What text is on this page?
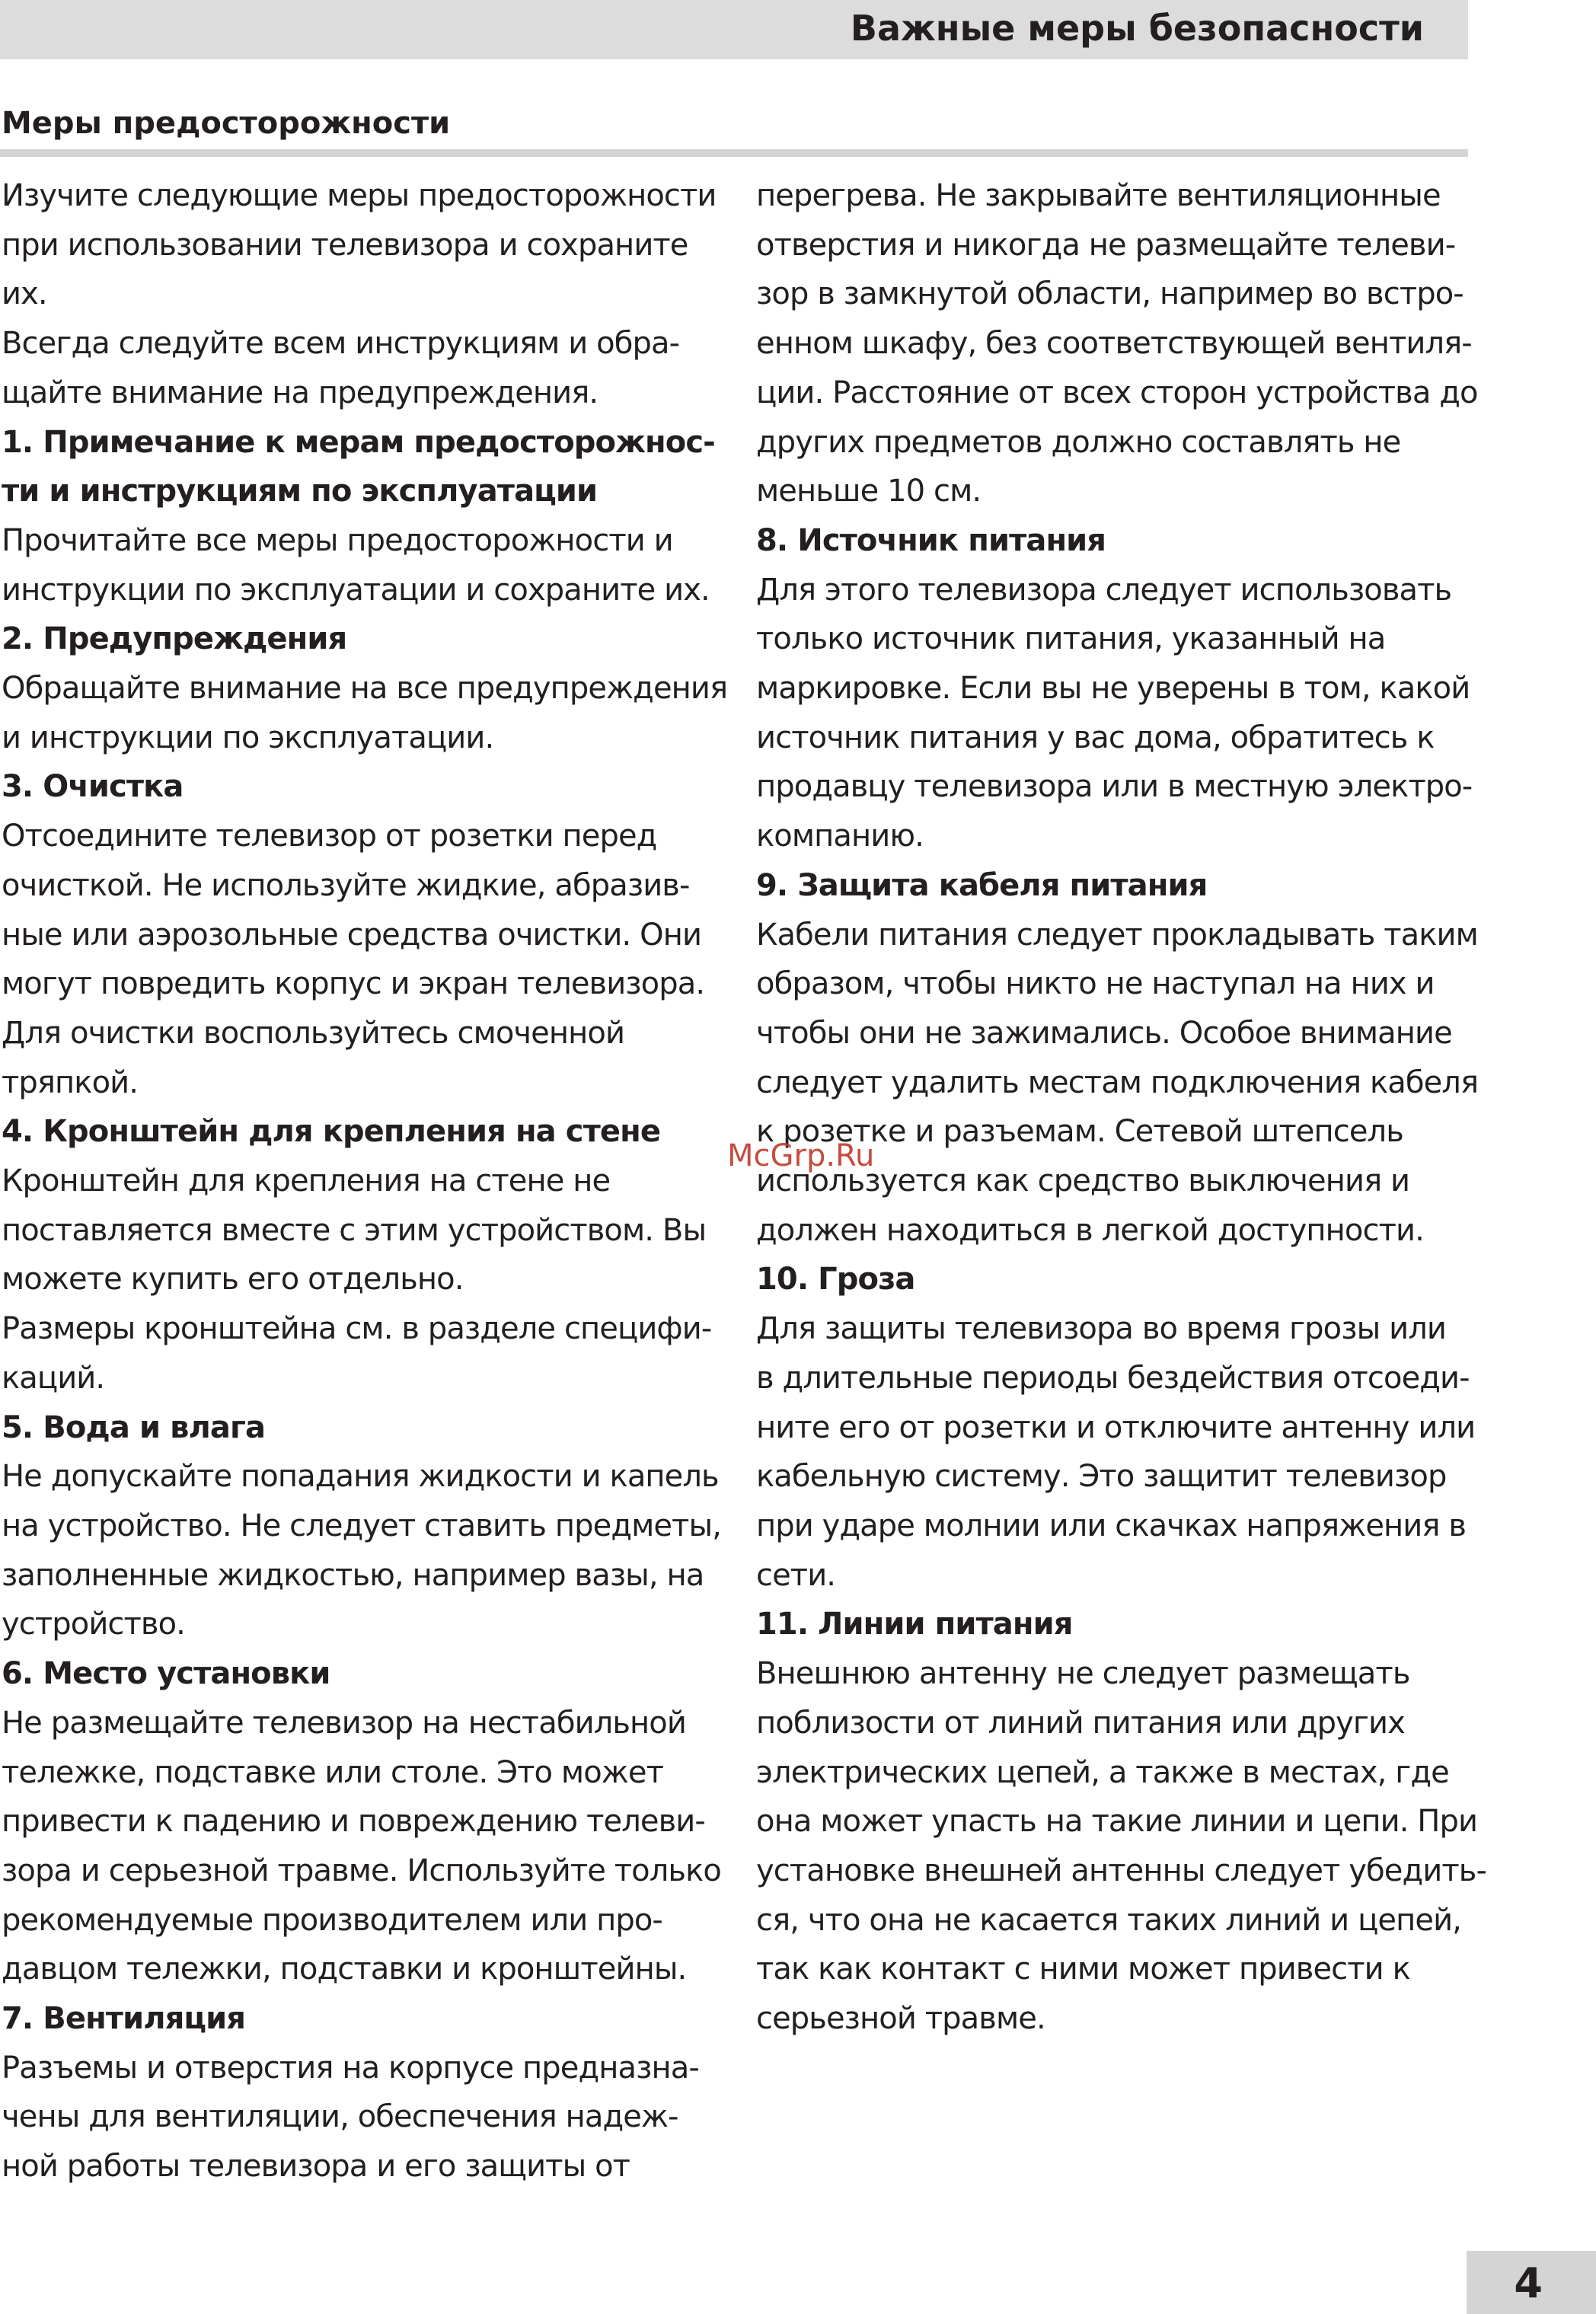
Важные меры безопасности
Меры предосторожности

Изучите следующие меры предосторожности

при использовании телевизора и сохраните

их.

Всегда следуйте всем инструкциям и обра-

щайте внимание на предупреждения.

1. Примечание к мерам предосторожнос-

ти и инструкциям по эксплуатации

Прочитайте все меры предосторожности и

инструкции по эксплуатации и сохраните их.

2. Предупреждения

Обращайте внимание на все предупреждения

и инструкции по эксплуатации.

3. Очистка

Отсоедините телевизор от розетки перед

очисткой. Не используйте жидкие, абразив-

ные или аэрозольные средства очистки. Они

могут повредить корпус и экран телевизора.

Для очистки воспользуйтесь смоченной

тряпкой.

4. Кронштейн для крепления на стене

Кронштейн для крепления на стене не

поставляется вместе с этим устройством. Вы

можете купить его отдельно.

Размеры кронштейна см. в разделе специфи-

каций.

5. Вода и влага

Не допускайте попадания жидкости и капель

на устройство. Не следует ставить предметы,

заполненные жидкостью, например вазы, на

устройство.

6. Место установки

Не размещайте телевизор на нестабильной

тележке, подставке или столе. Это может

привести к падению и повреждению телеви-

зора и серьезной травме. Используйте только

рекомендуемые производителем или про-

давцом тележки, подставки и кронштейны.

7. Вентиляция

Разъемы и отверстия на корпусе предназна-

чены для вентиляции, обеспечения надеж-

ной работы телевизора и его защиты от

перегрева. Не закрывайте вентиляционные

отверстия и никогда не размещайте телеви-

зор в замкнутой области, например во встро-

енном шкафу, без соответствующей вентиля-

ции. Расстояние от всех сторон устройства до

других предметов должно составлять не

меньше 10 см.

8. Источник питания

Для этого телевизора следует использовать

только источник питания, указанный на

маркировке. Если вы не уверены в том, какой

источник питания у вас дома, обратитесь к

продавцу телевизора или в местную электро-

компанию.

9. Защита кабеля питания

Кабели питания следует прокладывать таким

образом, чтобы никто не наступал на них и

чтобы они не зажимались. Особое внимание

следует удалить местам подключения кабеля

к розетке и разъемам. Сетевой штепсель

используется как средство выключения и

должен находиться в легкой доступности.

10. Гроза

Для защиты телевизора во время грозы или

в длительные периоды бездействия отсоеди-

ните его от розетки и отключите антенну или

кабельную систему. Это защитит телевизор

при ударе молнии или скачках напряжения в

сети.

11. Линии питания

Внешнюю антенну не следует размещать

поблизости от линий питания или других

электрических цепей, а также в местах, где

она может упасть на такие линии и цепи. При

установке внешней антенны следует убедить-

ся, что она не касается таких линий и цепей,

так как контакт с ними может привести к

серьезной травме.

McGrp.Ru
4
